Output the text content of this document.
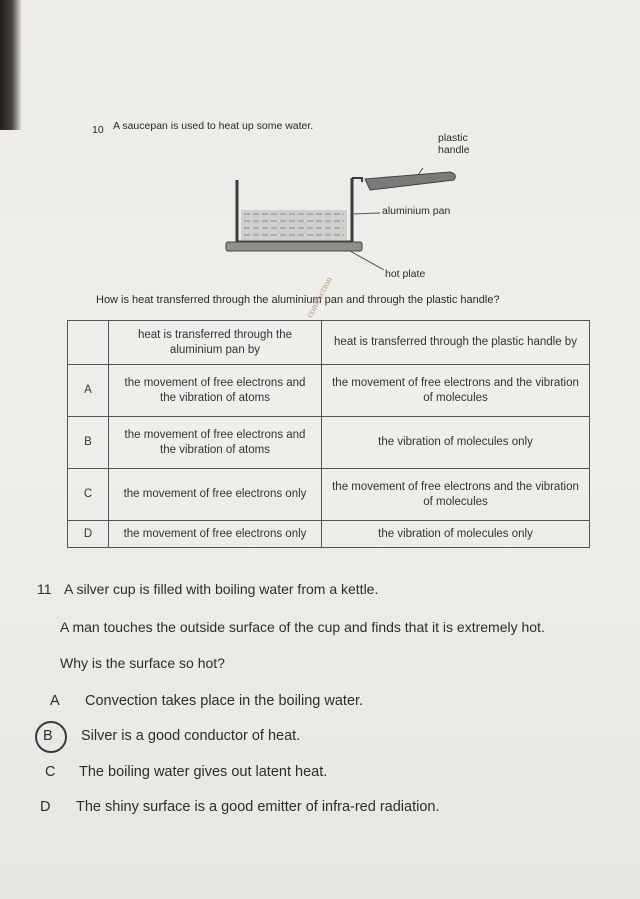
10 A saucepan is used to heat up some water.
plastic handle
aluminium pan
hot plate
How is heat transferred through the aluminium pan and through the plastic handle?
conduction
	heat is transferred through the aluminium pan by	heat is transferred through the plastic handle by
A	the movement of free electrons and the vibration of atoms	the movement of free electrons and the vibration of molecules
B	the movement of free electrons and the vibration of atoms	the vibration of molecules only
C	the movement of free electrons only	the movement of free electrons and the vibration of molecules
D	the movement of free electrons only	the vibration of molecules only
11 A silver cup is filled with boiling water from a kettle.
A man touches the outside surface of the cup and finds that it is extremely hot.
Why is the surface so hot?
A Convection takes place in the boiling water.
B Silver is a good conductor of heat.
C The boiling water gives out latent heat.
D The shiny surface is a good emitter of infra-red radiation.
